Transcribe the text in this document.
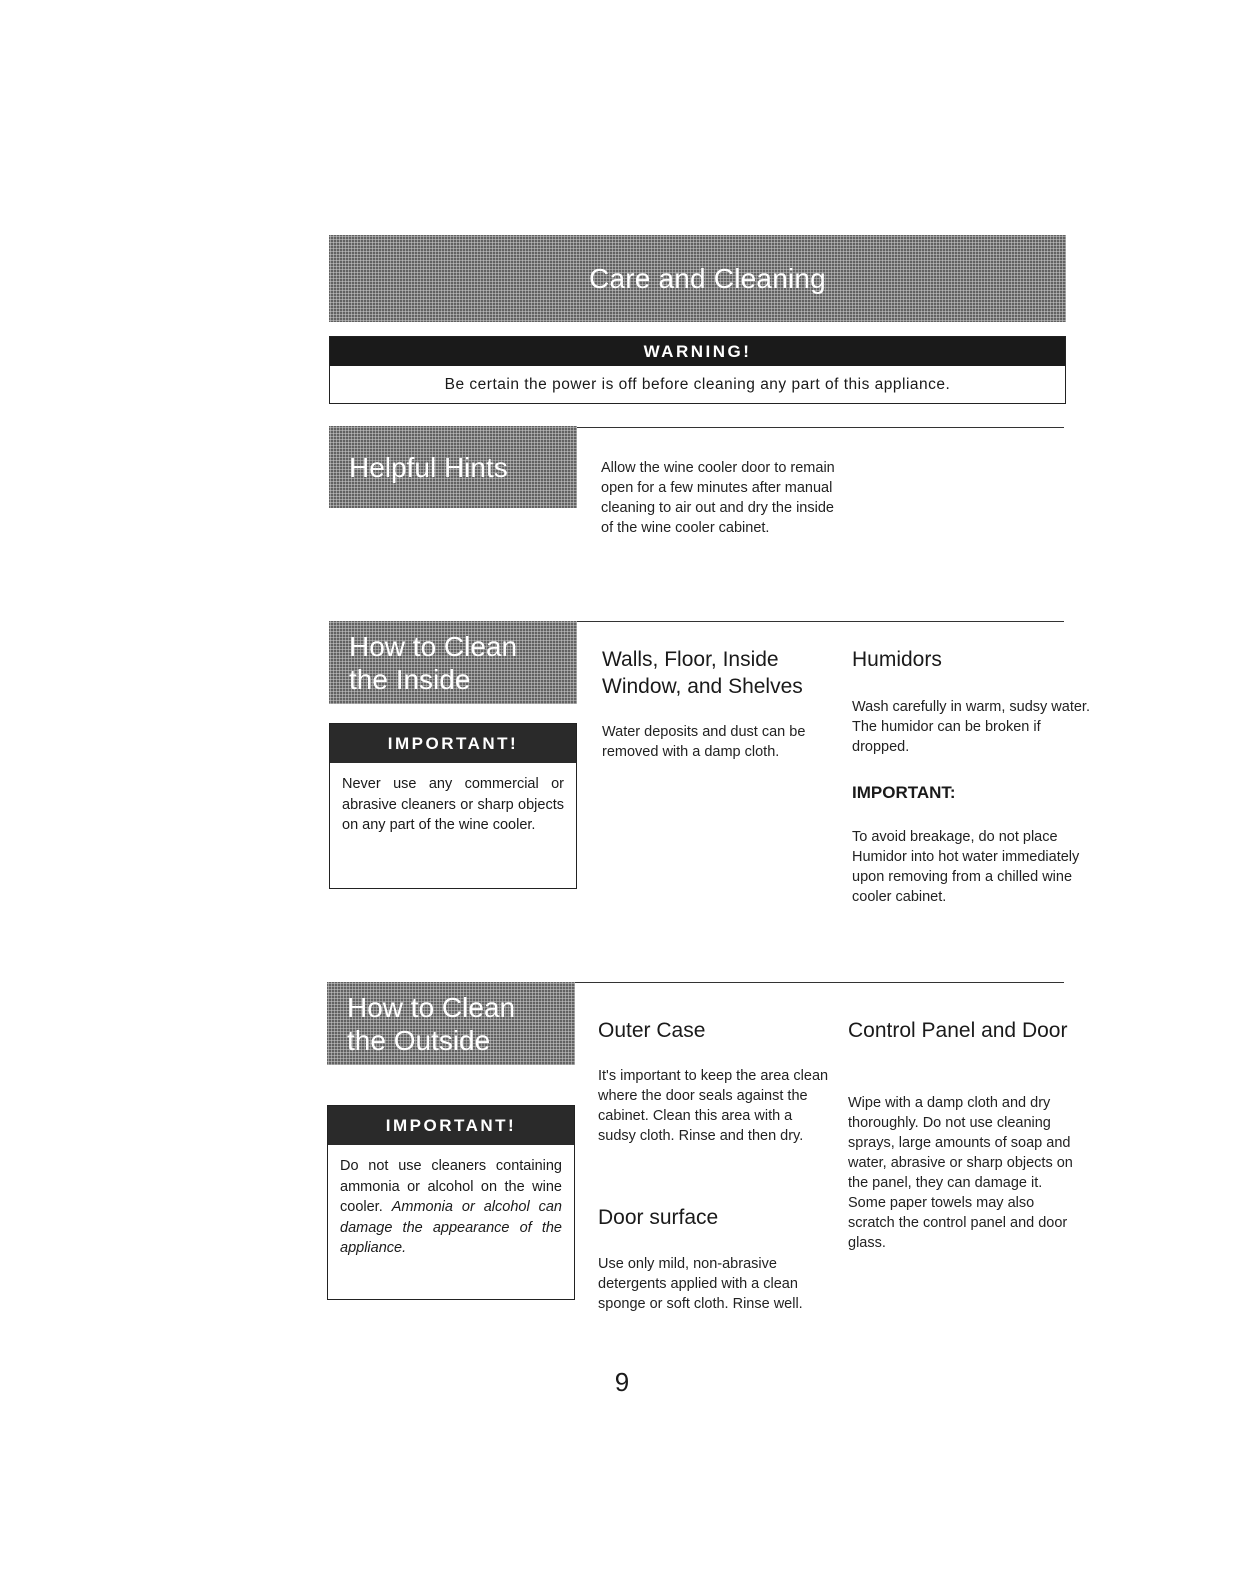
Care and Cleaning
WARNING!
Be certain the power is off before cleaning any part of this appliance.
Helpful Hints	Allow the wine cooler door to remain open for a few minutes after manual cleaning to air out and dry the inside of the wine cooler cabinet.
How to Clean
the Inside
IMPORTANT!
Never use any commercial or abrasive cleaners or sharp objects on any part of the wine cooler.
Walls, Floor, Inside Window, and Shelves
Water deposits and dust can be removed with a damp cloth.
Humidors
Wash carefully in warm, sudsy water. The humidor can be broken if dropped.
IMPORTANT:
To avoid breakage, do not place Humidor into hot water immediately upon removing from a chilled wine cooler cabinet.
How to Clean
the Outside
IMPORTANT!
Do not use cleaners containing ammonia or alcohol on the wine cooler. Ammonia or alcohol can damage the appearance of the appliance.
Outer Case
It's important to keep the area clean where the door seals against the cabinet. Clean this area with a sudsy cloth. Rinse and then dry.
Door surface
Use only mild, non-abrasive detergents applied with a clean sponge or soft cloth. Rinse well.
Control Panel and Door
Wipe with a damp cloth and dry thoroughly. Do not use cleaning sprays, large amounts of soap and water, abrasive or sharp objects on the panel, they can damage it. Some paper towels may also scratch the control panel and door glass.
9
